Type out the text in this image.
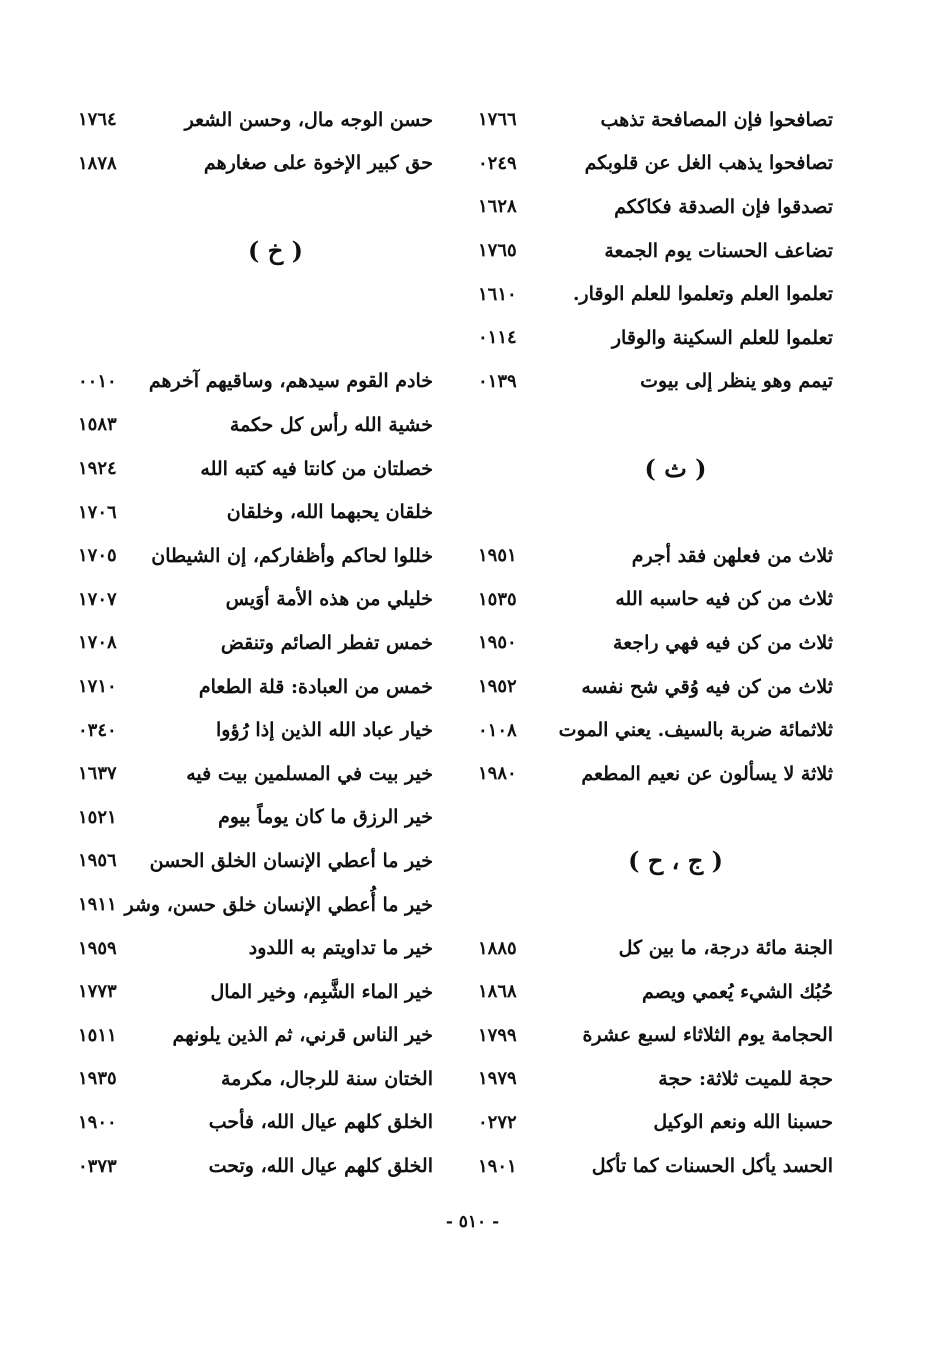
تصافحوا فإن المصافحة تذهب
١٧٦٦
تصافحوا يذهب الغل عن قلوبكم
٠٢٤٩
تصدقوا فإن الصدقة فكاككم
١٦٢٨
تضاعف الحسنات يوم الجمعة
١٧٦٥
تعلموا العلم وتعلموا للعلم الوقار.
١٦١٠
تعلموا للعلم السكينة والوقار
٠١١٤
تيمم وهو ينظر إلى بيوت
٠١٣٩
( ث )
ثلاث من فعلهن فقد أجرم
١٩٥١
ثلاث من كن فيه حاسبه الله
١٥٣٥
ثلاث من كن فيه فهي راجعة
١٩٥٠
ثلاث من كن فيه وُقي شح نفسه
١٩٥٢
ثلاثمائة ضربة بالسيف. يعني الموت
٠١٠٨
ثلاثة لا يسألون عن نعيم المطعم
١٩٨٠
( ج ، ح )
الجنة مائة درجة، ما بين كل
١٨٨٥
حُبُك الشيء يُعمي ويصم
١٨٦٨
الحجامة يوم الثلاثاء لسبع عشرة
١٧٩٩
حجة للميت ثلاثة: حجة
١٩٧٩
حسبنا الله ونعم الوكيل
٠٢٧٢
الحسد يأكل الحسنات كما تأكل
١٩٠١
حسن الوجه مال، وحسن الشعر
١٧٦٤
حق كبير الإخوة على صغارهم
١٨٧٨
( خ )
خادم القوم سيدهم، وساقيهم آخرهم
٠٠١٠
خشية الله رأس كل حكمة
١٥٨٣
خصلتان من كانتا فيه كتبه الله
١٩٢٤
خلقان يحبهما الله، وخلقان
١٧٠٦
خللوا لحاكم وأظفاركم، إن الشيطان
١٧٠٥
خليلي من هذه الأمة أوَيس
١٧٠٧
خمس تفطر الصائم وتنقض
١٧٠٨
خمس من العبادة: قلة الطعام
١٧١٠
خيار عباد الله الذين إذا رُؤوا
٠٣٤٠
خير بيت في المسلمين بيت فيه
١٦٣٧
خير الرزق ما كان يوماً بيوم
١٥٢١
خير ما أعطي الإنسان الخلق الحسن
١٩٥٦
خير ما أُعطي الإنسان خلق حسن، وشر
١٩١١
خير ما تداويتم به اللدود
١٩٥٩
خير الماء الشَّبِم، وخير المال
١٧٧٣
خير الناس قرني، ثم الذين يلونهم
١٥١١
الختان سنة للرجال، مكرمة
١٩٣٥
الخلق كلهم عيال الله، فأحب
١٩٠٠
الخلق كلهم عيال الله، وتحت
٠٣٧٣
- ٥١٠ -
